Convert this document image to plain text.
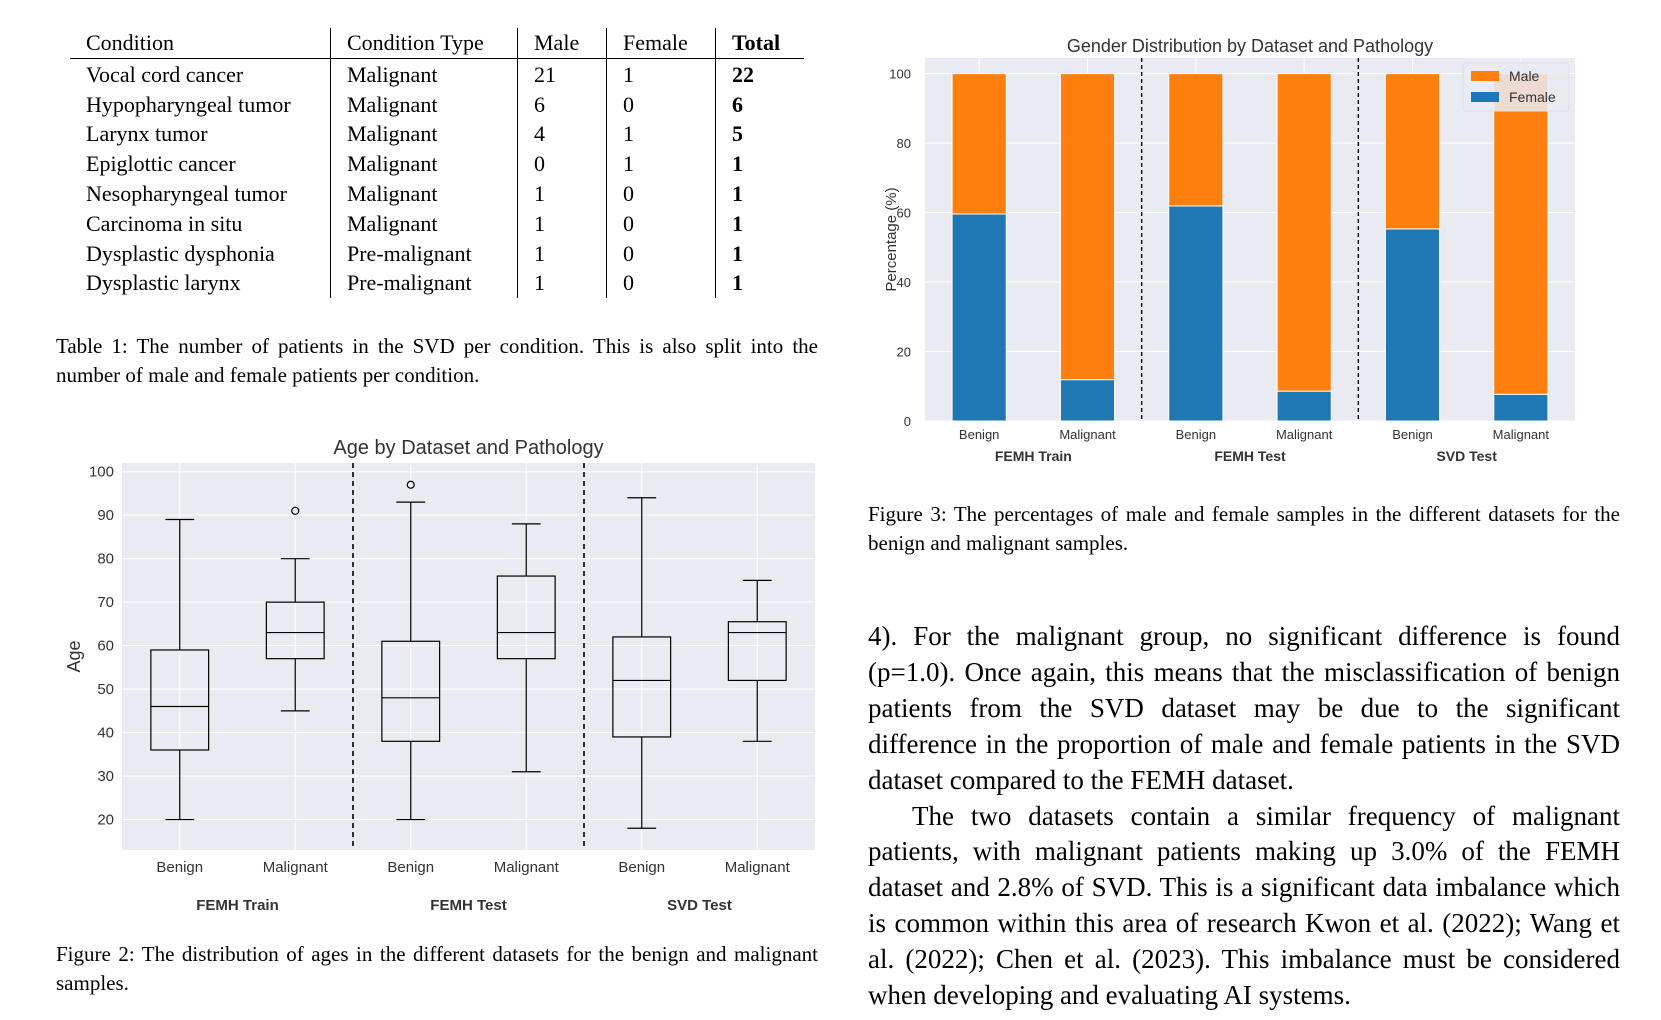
Condition	Condition Type	Male	Female	Total
Vocal cord cancer	Malignant	21	1	22
Hypopharyngeal tumor	Malignant	6	0	6
Larynx tumor	Malignant	4	1	5
Epiglottic cancer	Malignant	0	1	1
Nesopharyngeal tumor	Malignant	1	0	1
Carcinoma in situ	Malignant	1	0	1
Dysplastic dysphonia	Pre-malignant	1	0	1
Dysplastic larynx	Pre-malignant	1	0	1
Table 1: The number of patients in the SVD per condition. This is also split into the number of male and female patients per condition.
20
30
40
50
60
70
80
90
100
Benign	Malignant	Benign	Malignant	Benign	Malignant
FEMH Train	FEMH Test	SVD Test
Age by Dataset and Pathology
Age
Figure 2: The distribution of ages in the different datasets for the benign and malignant samples.
0
20
40
60
80
100
Benign	Malignant	Benign	Malignant	Benign	Malignant
FEMH Train	FEMH Test	SVD Test
Gender Distribution by Dataset and Pathology
Percentage (%)
Male
Female
Figure 3: The percentages of male and female samples in the different datasets for the benign and malignant samples.

4). For the malignant group, no significant difference is found (p=1.0). Once again, this means that the misclassification of benign patients from the SVD dataset may be due to the significant difference in the proportion of male and female patients in the SVD dataset compared to the FEMH dataset.

The two datasets contain a similar frequency of malignant patients, with malignant patients making up 3.0% of the FEMH dataset and 2.8% of SVD. This is a significant data imbalance which is common within this area of research Kwon et al. (2022); Wang et al. (2022); Chen et al. (2023). This imbalance must be considered when developing and evaluating AI systems.
